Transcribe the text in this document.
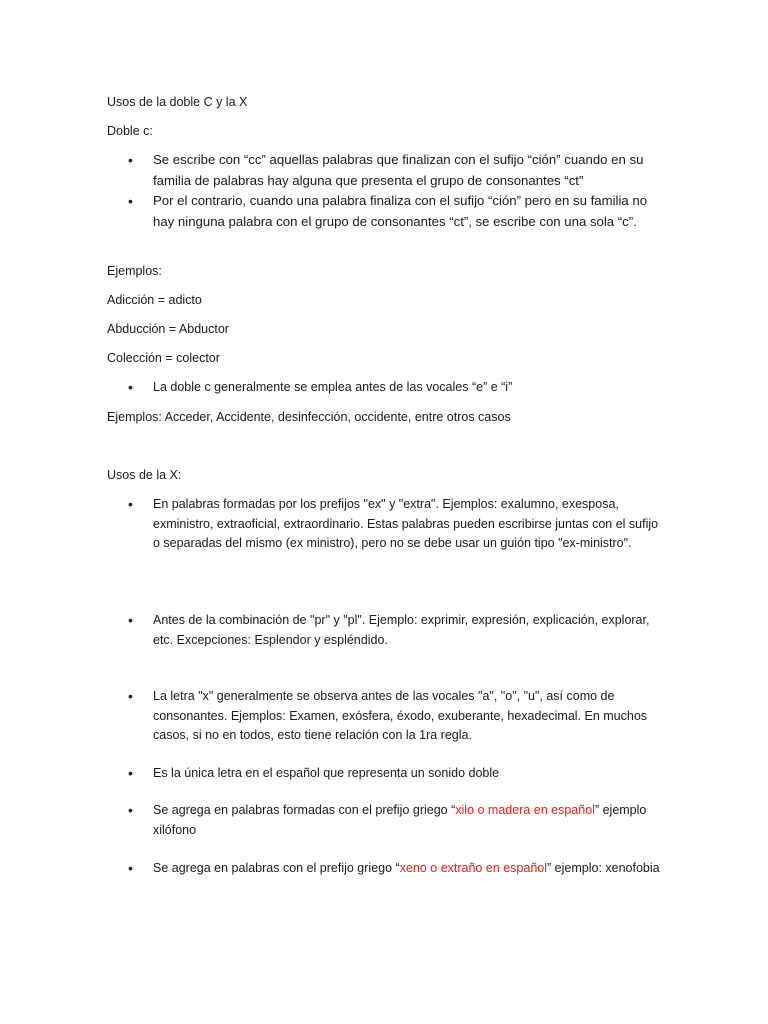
Usos de la doble C y la X

Doble c:

• Se escribe con “cc” aquellas palabras que finalizan con el sufijo “ción” cuando en su familia de palabras hay alguna que presenta el grupo de consonantes “ct”
• Por el contrario, cuando una palabra finaliza con el sufijo “ción” pero en su familia no hay ninguna palabra con el grupo de consonantes “ct”, se escribe con una sola “c”.

Ejemplos:

Adicción = adicto

Abducción = Abductor

Colección = colector

• La doble c generalmente se emplea antes de las vocales “e” e “i”

Ejemplos: Acceder, Accidente, desinfección, occidente, entre otros casos

Usos de la X:

• En palabras formadas por los prefijos "ex" y "extra". Ejemplos: exalumno, exesposa, exministro, extraoficial, extraordinario. Estas palabras pueden escribirse juntas con el sufijo o separadas del mismo (ex ministro), pero no se debe usar un guión tipo "ex-ministro".
• Antes de la combinación de "pr" y "pl". Ejemplo: exprimir, expresión, explicación, explorar, etc. Excepciones: Esplendor y espléndido.
• La letra "x" generalmente se observa antes de las vocales "a", "o", "u", así como de consonantes. Ejemplos: Examen, exósfera, éxodo, exuberante, hexadecimal. En muchos casos, si no en todos, esto tiene relación con la 1ra regla.
• Es la única letra en el español que representa un sonido doble
• Se agrega en palabras formadas con el prefijo griego “xilo o madera en español” ejemplo xilófono
• Se agrega en palabras con el prefijo griego “xeno o extraño en español” ejemplo: xenofobia
